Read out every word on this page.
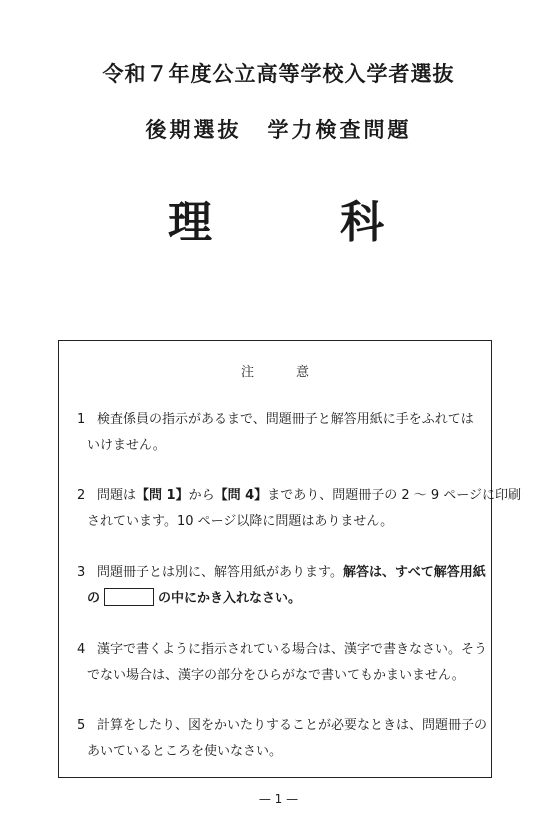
令和７年度公立高等学校入学者選抜
後期選抜 学力検査問題
理	科
注	意
1 検査係員の指示があるまで、問題冊子と解答用紙に手をふれては
いけません。
2 問題は【問 1】から【問 4】まであり、問題冊子の 2 ～ 9 ページに印刷
されています。10 ページ以降に問題はありません。
3 問題冊子とは別に、解答用紙があります。解答は、すべて解答用紙
の	の中にかき入れなさい。
4 漢字で書くように指示されている場合は、漢字で書きなさい。そう
でない場合は、漢字の部分をひらがなで書いてもかまいません。
5 計算をしたり、図をかいたりすることが必要なときは、問題冊子の
あいているところを使いなさい。
— 1 —
